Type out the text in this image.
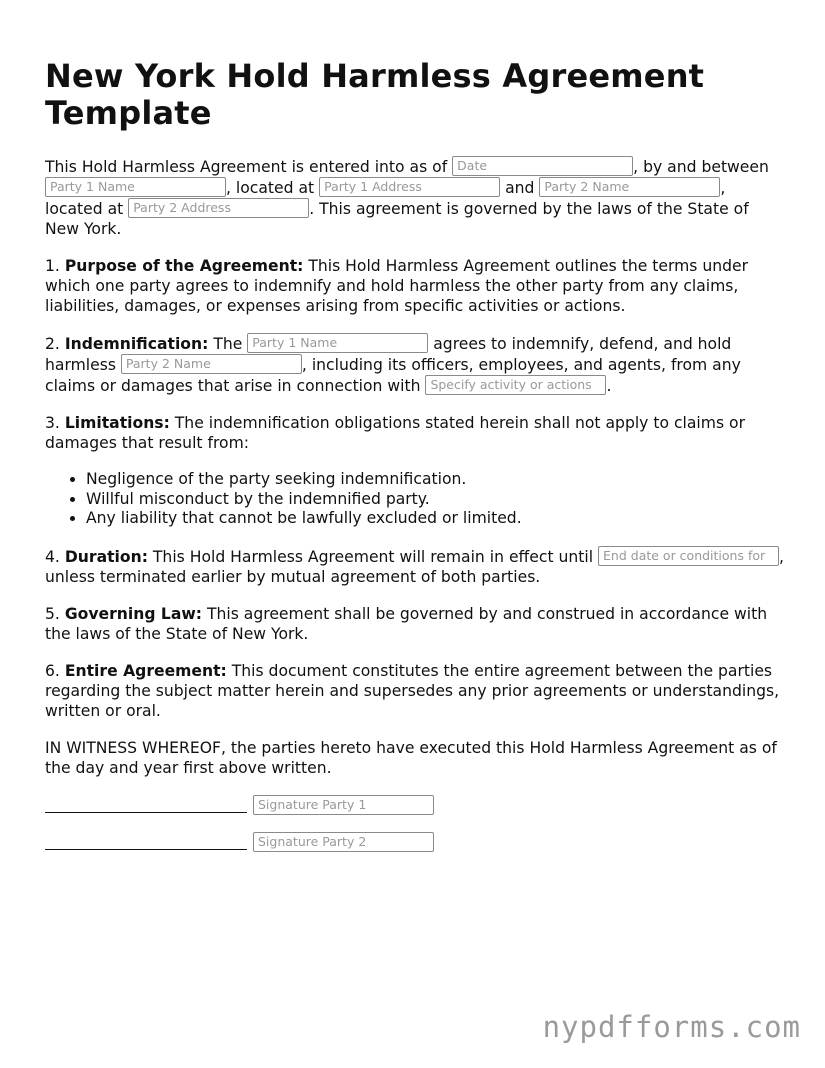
New York Hold Harmless Agreement Template

This Hold Harmless Agreement is entered into as of Date	, by and between Party 1 Name	, located at Party 1 Address	and Party 2 Name	, located at Party 2 Address	. This agreement is governed by the laws of the State of New York.

1. Purpose of the Agreement: This Hold Harmless Agreement outlines the terms under which one party agrees to indemnify and hold harmless the other party from any claims, liabilities, damages, or expenses arising from specific activities or actions.

2. Indemnification: The Party 1 Name	agrees to indemnify, defend, and hold harmless Party 2 Name	, including its officers, employees, and agents, from any claims or damages that arise in connection with Specify activity or actions .

3. Limitations: The indemnification obligations stated herein shall not apply to claims or damages that result from:

• Negligence of the party seeking indemnification.
• Willful misconduct by the indemnified party.
• Any liability that cannot be lawfully excluded or limited.

4. Duration: This Hold Harmless Agreement will remain in effect until End date or conditions for , unless terminated earlier by mutual agreement of both parties.

5. Governing Law: This agreement shall be governed by and construed in accordance with the laws of the State of New York.

6. Entire Agreement: This document constitutes the entire agreement between the parties regarding the subject matter herein and supersedes any prior agreements or understandings, written or oral.

IN WITNESS WHEREOF, the parties hereto have executed this Hold Harmless Agreement as of the day and year first above written.

Signature Party 1
Signature Party 2
nypdfforms.com
